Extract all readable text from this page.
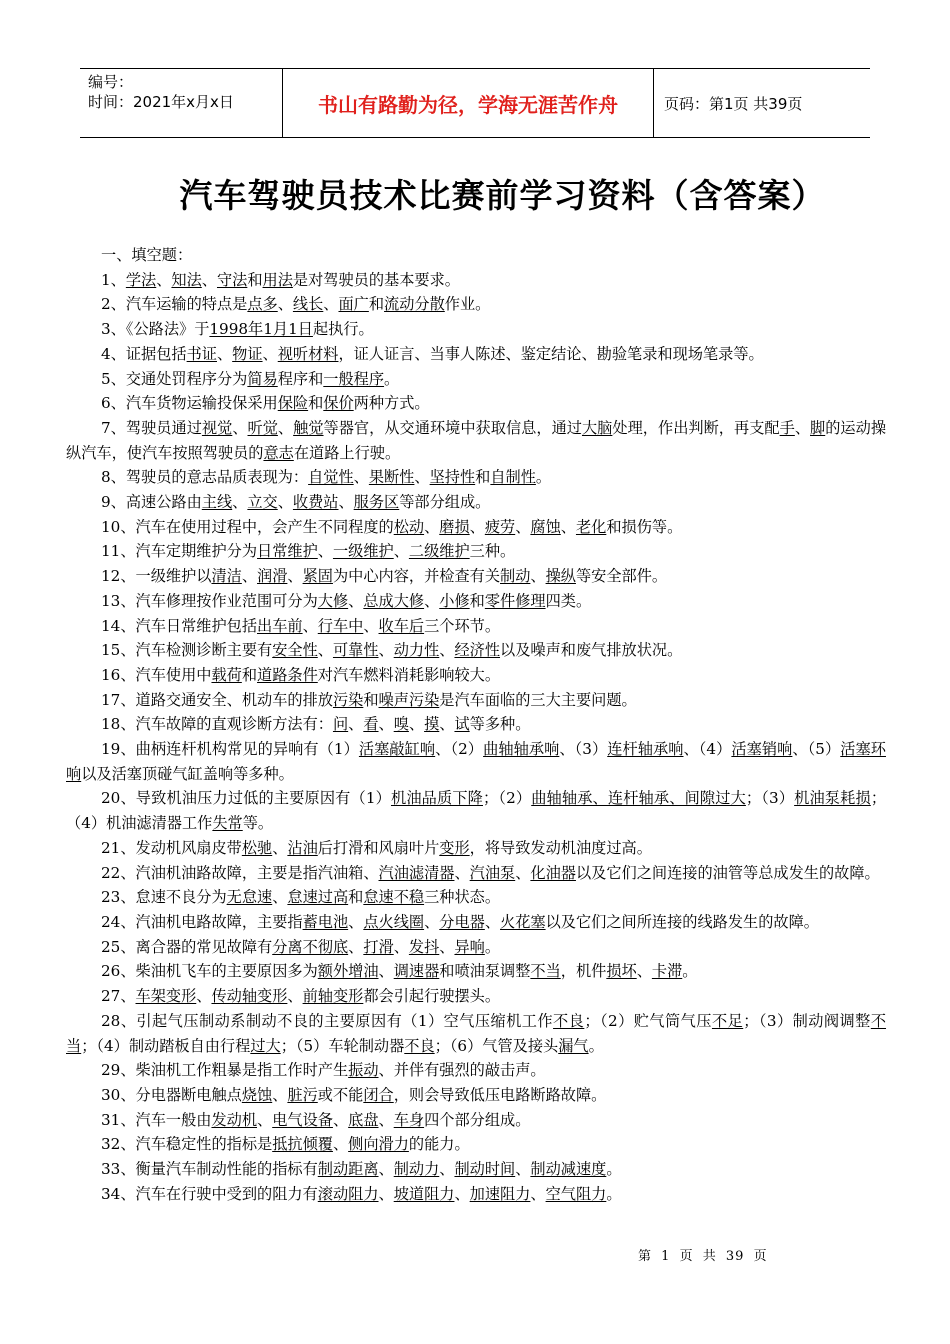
编号：
时间：2021年x月x日	书山有路勤为径，学海无涯苦作舟	页码：第1页 共39页
汽车驾驶员技术比赛前学习资料（含答案）

一、填空题：

1、学法、知法、守法和用法是对驾驶员的基本要求。

2、汽车运输的特点是点多、线长、面广和流动分散作业。

3、《公路法》于1998年1月1日起执行。

4、证据包括书证、物证、视听材料，证人证言、当事人陈述、鉴定结论、勘验笔录和现场笔录等。

5、交通处罚程序分为简易程序和一般程序。

6、汽车货物运输投保采用保险和保价两种方式。

7、驾驶员通过视觉、听觉、触觉等器官，从交通环境中获取信息，通过大脑处理，作出判断，再支配手、脚的运动操纵汽车，使汽车按照驾驶员的意志在道路上行驶。

8、驾驶员的意志品质表现为：自觉性、果断性、坚持性和自制性。

9、高速公路由主线、立交、收费站、服务区等部分组成。

10、汽车在使用过程中，会产生不同程度的松动、磨损、疲劳、腐蚀、老化和损伤等。

11、汽车定期维护分为日常维护、一级维护、二级维护三种。

12、一级维护以清洁、润滑、紧固为中心内容，并检查有关制动、操纵等安全部件。

13、汽车修理按作业范围可分为大修、总成大修、小修和零件修理四类。

14、汽车日常维护包括出车前、行车中、收车后三个环节。

15、汽车检测诊断主要有安全性、可靠性、动力性、经济性以及噪声和废气排放状况。

16、汽车使用中载荷和道路条件对汽车燃料消耗影响较大。

17、道路交通安全、机动车的排放污染和噪声污染是汽车面临的三大主要问题。

18、汽车故障的直观诊断方法有：问、看、嗅、摸、试等多种。

19、曲柄连杆机构常见的异响有（1）活塞敲缸响、（2）曲轴轴承响、（3）连杆轴承响、（4）活塞销响、（5）活塞环响以及活塞顶碰气缸盖响等多种。

20、导致机油压力过低的主要原因有（1）机油品质下降；（2）曲轴轴承、连杆轴承、间隙过大；（3）机油泵耗损；（4）机油滤清器工作失常等。

21、发动机风扇皮带松驰、沾油后打滑和风扇叶片变形，将导致发动机油度过高。

22、汽油机油路故障，主要是指汽油箱、汽油滤清器、汽油泵、化油器以及它们之间连接的油管等总成发生的故障。

23、怠速不良分为无怠速、怠速过高和怠速不稳三种状态。

24、汽油机电路故障，主要指蓄电池、点火线圈、分电器、火花塞以及它们之间所连接的线路发生的故障。

25、离合器的常见故障有分离不彻底、打滑、发抖、异响。

26、柴油机飞车的主要原因多为额外增油、调速器和喷油泵调整不当，机件损坏、卡滞。

27、车架变形、传动轴变形、前轴变形都会引起行驶摆头。

28、引起气压制动系制动不良的主要原因有（1）空气压缩机工作不良；（2）贮气筒气压不足；（3）制动阀调整不当；（4）制动踏板自由行程过大；（5）车轮制动器不良；（6）气管及接头漏气。

29、柴油机工作粗暴是指工作时产生振动、并伴有强烈的敲击声。

30、分电器断电触点烧蚀、脏污或不能闭合，则会导致低压电路断路故障。

31、汽车一般由发动机、电气设备、底盘、车身四个部分组成。

32、汽车稳定性的指标是抵抗倾覆、侧向滑力的能力。

33、衡量汽车制动性能的指标有制动距离、制动力、制动时间、制动减速度。

34、汽车在行驶中受到的阻力有滚动阻力、坡道阻力、加速阻力、空气阻力。

第 1 页 共 39 页
